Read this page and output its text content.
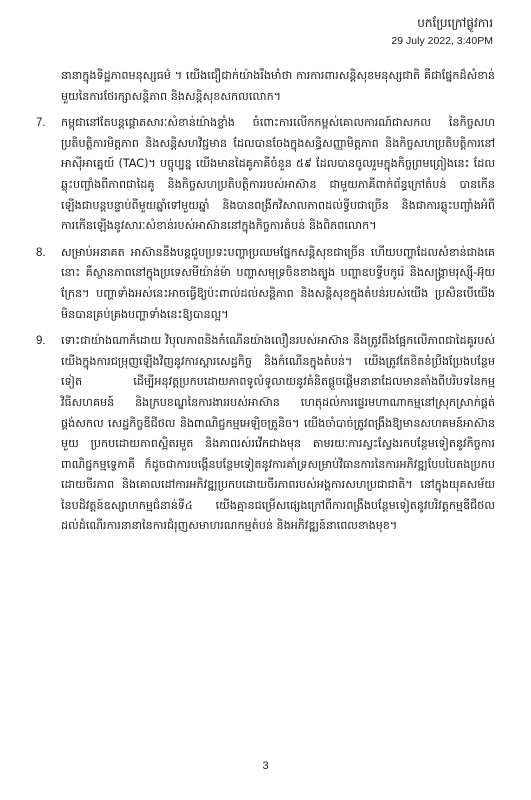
បកប្រែក្រៅផ្លូវការ
29 July 2022, 3:40PM
នានាក្នុងទិដ្ឋភាពមនុស្សធម៌ ។ យើងជឿជាក់យ៉ាងរឹងមាំថា ការការពារសន្តិសុខមនុស្សជាតិ គឺជាផ្នែកដ៏សំខាន់មួយនៃការថែរក្សាសន្តិភាព និងសន្តិសុខសកលលោក។
7.	កម្ពុជានៅតែបន្តផ្តោតសារៈសំខាន់យ៉ាងខ្លាំង ចំពោះការលើកកម្ពស់គោលការណ៍ជាសកល នៃកិច្ចសហប្រតិបត្តិការមិត្តភាព និងសន្តិសហវិជ្ជមាន ដែលបានចែងក្នុងសន្ធិសញ្ញាមិត្តភាព និងកិច្ចសហប្រតិបត្តិការនៅអាស៊ីអាគ្នេយ៍ (TAC)។ បច្ចុប្បន្ន យើងមានដៃគូភាគីចំនួន ៥៩ ដែលបានចូលរួមក្នុងកិច្ចព្រមព្រៀងនេះ ដែលឆ្លុះបញ្ចាំងពីភាពជាដៃគូ និងកិច្ចសហប្រតិបត្តិការរបស់អាស៊ាន ជាមួយភាគីពាក់ព័ន្ធក្រៅតំបន់ បានកើនឡើងជាបន្តបន្ទាប់ពីមួយឆ្នាំទៅមួយឆ្នាំ និងបានពង្រីកវិសាលភាពដល់ទ្វីបជាច្រើន និងជាការឆ្លុះបញ្ចាំងអំពីការកើនឡើងនូវសារៈសំខាន់របស់អាស៊ាននៅក្នុងកិច្ចការតំបន់ និងពិភពលោក។
8.	សម្រាប់អនាគត អាស៊ាននឹងបន្តជួបប្រទះបញ្ហាប្រឈមផ្នែកសន្តិសុខជាច្រើន ហើយបញ្ហាដែលសំខាន់ជាងគេនោះ គឺស្ថានភាពនៅក្នុងប្រទេសមីយ៉ាន់ម៉ា បញ្ហាសមុទ្រចិនខាងត្បូង បញ្ហាឧបទ្វីបកូរ៉េ និងសង្គ្រាមរុស្ស៊ី-អ៊ុយក្រែន។ បញ្ហាទាំងអស់នេះអាចធ្វើឱ្យប៉ះពាល់ដល់សន្តិភាព និងសន្តិសុខក្នុងតំបន់របស់យើង ប្រសិនបើយើងមិនបានគ្រប់គ្រងបញ្ហាទាំងនេះឱ្យបានល្អ។
9.	ទោះជាយ៉ាងណាក៏ដោយ វិបុលភាពនិងកំណើនយ៉ាងលឿនរបស់អាស៊ាន នឹងត្រូវពឹងផ្អែកលើភាពជាដៃគូរបស់យើងក្នុងការជម្រុញឡើងវិញនូវការស្តារសេដ្ឋកិច្ច និងកំណើនក្នុងតំបន់។ យើងត្រូវតែខិតខំប្រឹងប្រែងបន្ថែមទៀត ដើម្បីអនុវត្តប្រកបដោយភាពទូលំទូលាយនូវគំនិតផ្តួចផ្តើមនានាដែលមានតាំងពីបរិបទនៃកម្មវិធីសហគមន៍ និងក្របខណ្ឌនៃការងាររបស់អាស៊ាន ហេតុដល់ការផ្ទេរមហាណាកម្មនៅស្រុកស្រាក់ផ្គត់ផ្គង់សកល សេដ្ឋកិច្ចឌីជីថល និងពាណិជ្ជកម្មអេឡិចត្រូនិច។ យើងចាំបាច់ត្រូវពង្រឹងឱ្យមានសហគមន៍អាស៊ានមួយ ប្រកបដោយភាពស្អិតរមួត និងភាពរស់រវើកជាងមុន តាមរយៈការស្វះស្វែងរកបន្ថែមទៀតនូវកិច្ចការពាណិជ្ជកម្មទ្វេភាគី ក៏ដូចជាការបង្កើនបន្ថែមទៀតនូវការគាំទ្រសម្រាប់វិធានការនៃការអភិវឌ្ឍបែបបៃតងប្រកបដោយចីរភាព និងគោលដៅការអភិវឌ្ឍប្រកបដោយចីរភាពរបស់អង្គការសហប្រជាជាតិ។ នៅក្នុងយុគសម័យនៃបដិវត្តន៍ឧស្សាហកម្មជំនាន់ទី៤ យើងគ្មានជម្រើសផ្សេងក្រៅពីការពង្រឹងបន្ថែមទៀតនូវបរិវត្តកម្មឌីជីថល ដល់ដំណើរការនានានៃការជំរុញសមាហរណកម្មតំបន់ និងអភិវឌ្ឍន៍នាពេលខាងមុខ។
3
